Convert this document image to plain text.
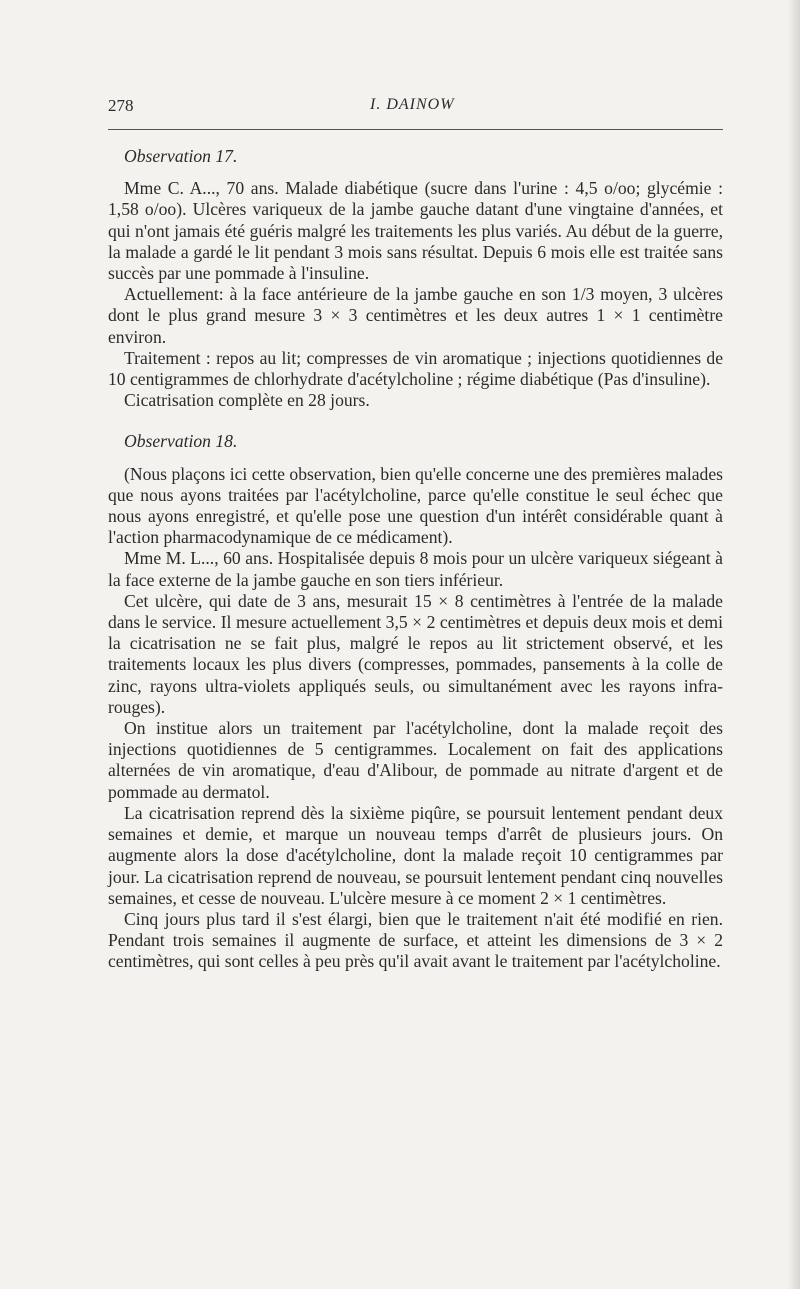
278	I. DAINOW
Observation 17.

Mme C. A..., 70 ans. Malade diabétique (sucre dans l'urine : 4,5 o/oo; glycémie : 1,58 o/oo). Ulcères variqueux de la jambe gauche datant d'une vingtaine d'années, et qui n'ont jamais été guéris malgré les traitements les plus variés. Au début de la guerre, la malade a gardé le lit pendant 3 mois sans résultat. Depuis 6 mois elle est traitée sans succès par une pommade à l'insuline.

Actuellement: à la face antérieure de la jambe gauche en son 1/3 moyen, 3 ulcères dont le plus grand mesure 3 × 3 centimètres et les deux autres 1 × 1 centimètre environ.

Traitement : repos au lit; compresses de vin aromatique ; injections quotidiennes de 10 centigrammes de chlorhydrate d'acétylcholine ; régime diabétique (Pas d'insuline).

Cicatrisation complète en 28 jours.

Observation 18.

(Nous plaçons ici cette observation, bien qu'elle concerne une des premières malades que nous ayons traitées par l'acétylcholine, parce qu'elle constitue le seul échec que nous ayons enregistré, et qu'elle pose une question d'un intérêt considérable quant à l'action pharmacodynamique de ce médicament).

Mme M. L..., 60 ans. Hospitalisée depuis 8 mois pour un ulcère variqueux siégeant à la face externe de la jambe gauche en son tiers inférieur.

Cet ulcère, qui date de 3 ans, mesurait 15 × 8 centimètres à l'entrée de la malade dans le service. Il mesure actuellement 3,5 × 2 centimètres et depuis deux mois et demi la cicatrisation ne se fait plus, malgré le repos au lit strictement observé, et les traitements locaux les plus divers (compresses, pommades, pansements à la colle de zinc, rayons ultra-violets appliqués seuls, ou simultanément avec les rayons infra-rouges).

On institue alors un traitement par l'acétylcholine, dont la malade reçoit des injections quotidiennes de 5 centigrammes. Localement on fait des applications alternées de vin aromatique, d'eau d'Alibour, de pommade au nitrate d'argent et de pommade au dermatol.

La cicatrisation reprend dès la sixième piqûre, se poursuit lentement pendant deux semaines et demie, et marque un nouveau temps d'arrêt de plusieurs jours. On augmente alors la dose d'acétylcholine, dont la malade reçoit 10 centigrammes par jour. La cicatrisation reprend de nouveau, se poursuit lentement pendant cinq nouvelles semaines, et cesse de nouveau. L'ulcère mesure à ce moment 2 × 1 centimètres.

Cinq jours plus tard il s'est élargi, bien que le traitement n'ait été modifié en rien. Pendant trois semaines il augmente de surface, et atteint les dimensions de 3 × 2 centimètres, qui sont celles à peu près qu'il avait avant le traitement par l'acétylcholine.
